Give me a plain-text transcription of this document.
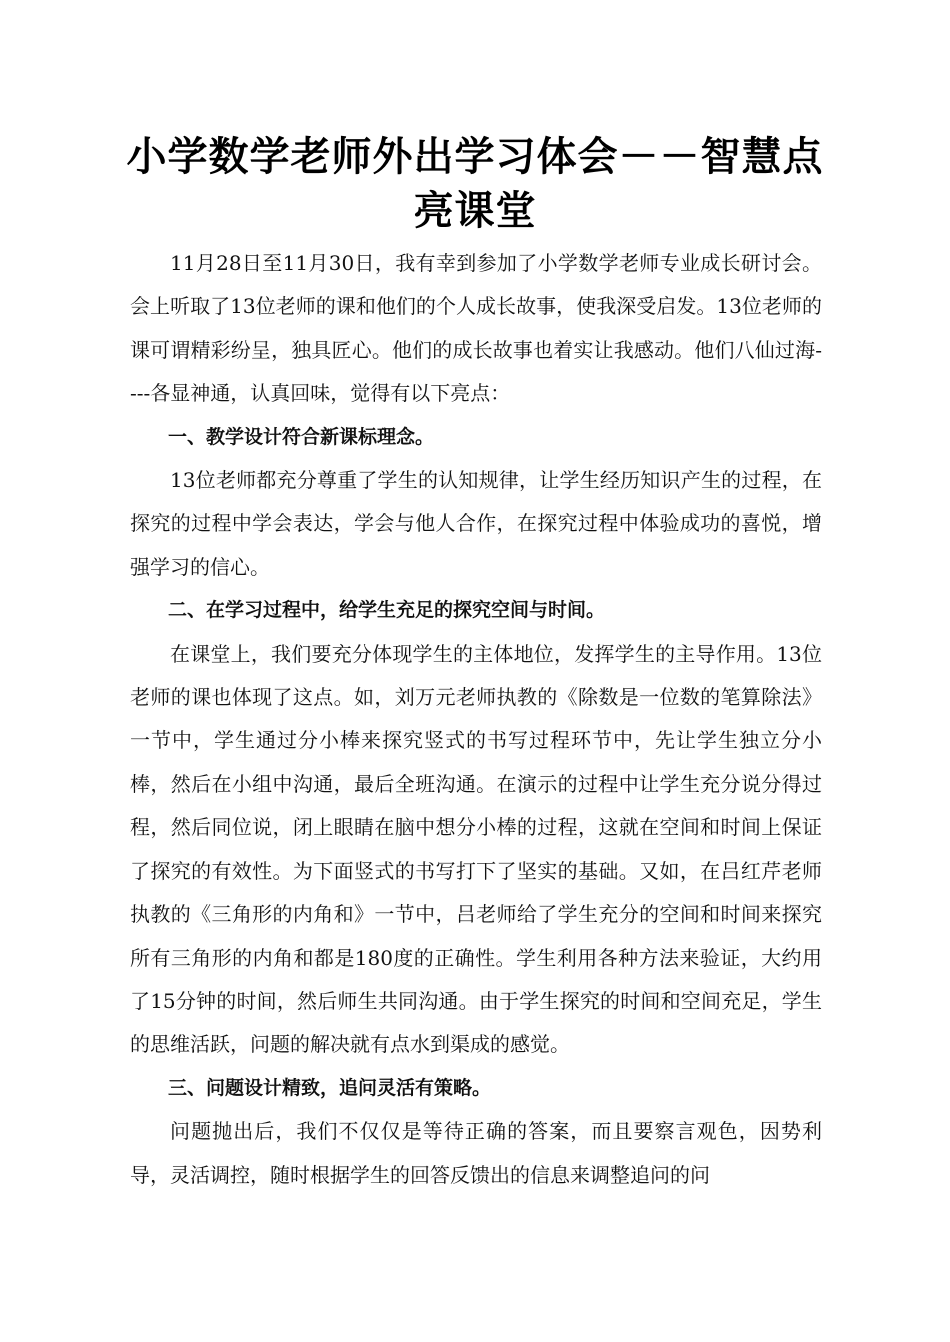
小学数学老师外出学习体会－－智慧点亮课堂

11月28日至11月30日，我有幸到参加了小学数学老师专业成长研讨会。会上听取了13位老师的课和他们的个人成长故事，使我深受启发。13位老师的课可谓精彩纷呈，独具匠心。他们的成长故事也着实让我感动。他们八仙过海----各显神通，认真回味，觉得有以下亮点：

一、教学设计符合新课标理念。

13位老师都充分尊重了学生的认知规律，让学生经历知识产生的过程，在探究的过程中学会表达，学会与他人合作，在探究过程中体验成功的喜悦，增强学习的信心。

二、在学习过程中，给学生充足的探究空间与时间。

在课堂上，我们要充分体现学生的主体地位，发挥学生的主导作用。13位老师的课也体现了这点。如，刘万元老师执教的《除数是一位数的笔算除法》一节中，学生通过分小棒来探究竖式的书写过程环节中，先让学生独立分小棒，然后在小组中沟通，最后全班沟通。在演示的过程中让学生充分说分得过程，然后同位说，闭上眼睛在脑中想分小棒的过程，这就在空间和时间上保证了探究的有效性。为下面竖式的书写打下了坚实的基础。又如，在吕红芹老师执教的《三角形的内角和》一节中，吕老师给了学生充分的空间和时间来探究所有三角形的内角和都是180度的正确性。学生利用各种方法来验证，大约用了15分钟的时间，然后师生共同沟通。由于学生探究的时间和空间充足，学生的思维活跃，问题的解决就有点水到渠成的感觉。

三、问题设计精致，追问灵活有策略。

问题抛出后，我们不仅仅是等待正确的答案，而且要察言观色，因势利导，灵活调控，随时根据学生的回答反馈出的信息来调整追问的问
